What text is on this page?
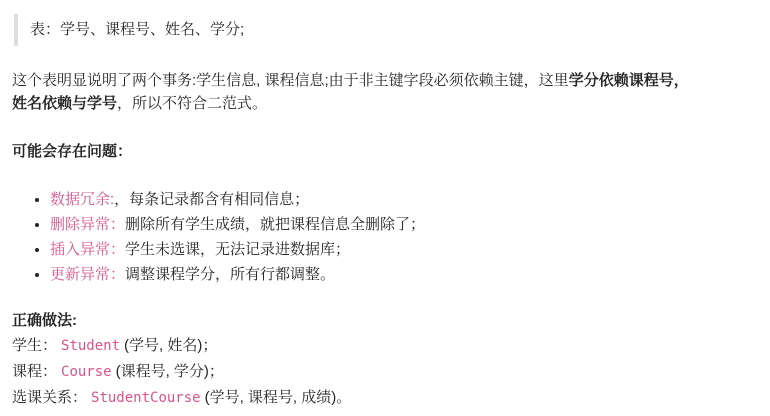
表：学号、课程号、姓名、学分;

这个表明显说明了两个事务:学生信息, 课程信息;由于非主键字段必须依赖主键，这里学分依赖课程号，
姓名依赖与学号，所以不符合二范式。

可能会存在问题：
• 数据冗余:，每条记录都含有相同信息；
• 删除异常：删除所有学生成绩，就把课程信息全删除了；
• 插入异常：学生未选课，无法记录进数据库；
• 更新异常：调整课程学分，所有行都调整。
正确做法:
学生： Student (学号, 姓名)；
课程： Course (课程号, 学分)；
选课关系： StudentCourse (学号, 课程号, 成绩)。
